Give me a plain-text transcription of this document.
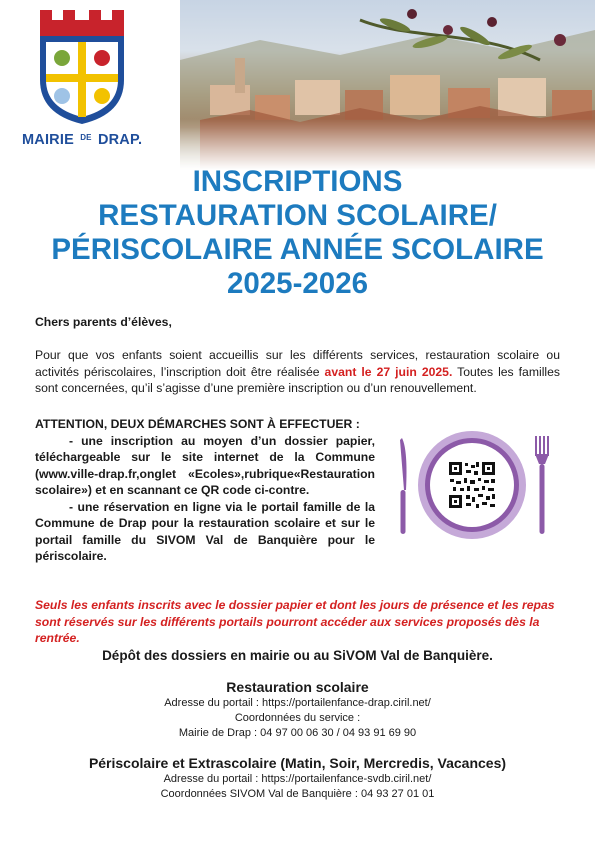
MAIRIE $^{DE}$ DRAP.
INSCRIPTIONS
RESTAURATION SCOLAIRE/
PÉRISCOLAIRE ANNÉE SCOLAIRE
2025-2026
Chers parents d’élèves,
Pour que vos enfants soient accueillis sur les différents services, restauration scolaire ou activités périscolaires, l’inscription doit être réalisée avant le 27 juin 2025. Toutes les familles sont concernées, qu’il s’agisse d’une première inscription ou d’un renouvellement.
ATTENTION, DEUX DÉMARCHES SONT À EFFECTUER :
- une inscription au moyen d’un dossier papier, téléchargeable sur le site internet de la Commune (www.ville-drap.fr,onglet «Ecoles»,rubrique«Restauration scolaire») et en scannant ce QR code ci-contre.
- une réservation en ligne via le portail famille de la Commune de Drap pour la restauration scolaire et sur le portail famille du SIVOM Val de Banquière pour le périscolaire.
Seuls les enfants inscrits avec le dossier papier et dont les jours de présence et les repas sont réservés sur les différents portails pourront accéder aux services proposés dès la rentrée.
Dépôt des dossiers en mairie ou au SiVOM Val de Banquière.
Restauration scolaire
Adresse du portail : https://portailenfance-drap.ciril.net/
Coordonnées du service :
Mairie de Drap : 04 97 00 06 30 / 04 93 91 69 90
Périscolaire et Extrascolaire (Matin, Soir, Mercredis, Vacances)
Adresse du portail : https://portailenfance-svdb.ciril.net/
Coordonnées SIVOM Val de Banquière : 04 93 27 01 01
